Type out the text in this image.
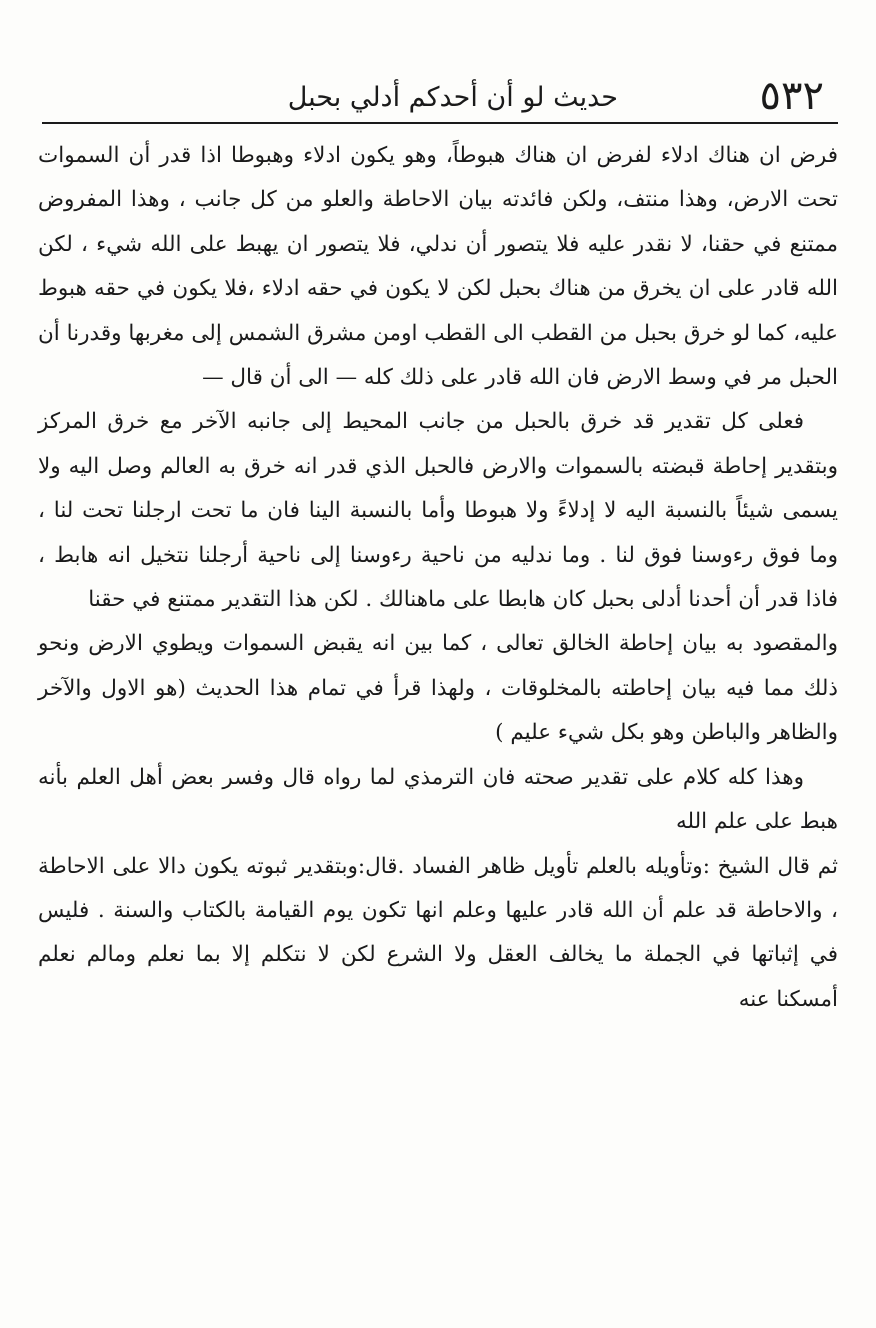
٥٣٢
حديث لو أن أحدكم أدلي بحبل

فرض ان هناك ادلاء لفرض ان هناك هبوطاً، وهو يكون ادلاء وهبوطا اذا قدر أن السموات تحت الارض، وهذا منتف، ولكن فائدته بيان الاحاطة والعلو من كل جانب ، وهذا المفروض ممتنع في حقنا، لا نقدر عليه فلا يتصور أن ندلي، فلا يتصور ان يهبط على الله شيء ، لكن الله قادر على ان يخرق من هناك بحبل لكن لا يكون في حقه ادلاء ،فلا يكون في حقه هبوط عليه، كما لو خرق بحبل من القطب الى القطب اومن مشرق الشمس إلى مغربها وقدرنا أن الحبل مر في وسط الارض فان الله قادر على ذلك كله — الى أن قال —

فعلى كل تقدير قد خرق بالحبل من جانب المحيط إلى جانبه الآخر مع خرق المركز وبتقدير إحاطة قبضته بالسموات والارض فالحبل الذي قدر انه خرق به العالم وصل اليه ولا يسمى شيئاً بالنسبة اليه لا إدلاءً ولا هبوطا وأما بالنسبة الينا فان ما تحت ارجلنا تحت لنا ، وما فوق رءوسنا فوق لنا . وما ندليه من ناحية رءوسنا إلى ناحية أرجلنا نتخيل انه هابط ، فاذا قدر أن أحدنا أدلى بحبل كان هابطا على ماهنالك . لكن هذا التقدير ممتنع في حقنا

والمقصود به بيان إحاطة الخالق تعالى ، كما بين انه يقبض السموات ويطوي الارض ونحو ذلك مما فيه بيان إحاطته بالمخلوقات ، ولهذا قرأ في تمام هذا الحديث (هو الاول والآخر والظاهر والباطن وهو بكل شيء عليم )

وهذا كله كلام على تقدير صحته فان الترمذي لما رواه قال وفسر بعض أهل العلم بأنه هبط على علم الله

ثم قال الشيخ :وتأويله بالعلم تأويل ظاهر الفساد .قال:وبتقدير ثبوته يكون دالا على الاحاطة ، والاحاطة قد علم أن الله قادر عليها وعلم انها تكون يوم القيامة بالكتاب والسنة . فليس في إثباتها في الجملة ما يخالف العقل ولا الشرع لكن لا نتكلم إلا بما نعلم ومالم نعلم أمسكنا عنه
